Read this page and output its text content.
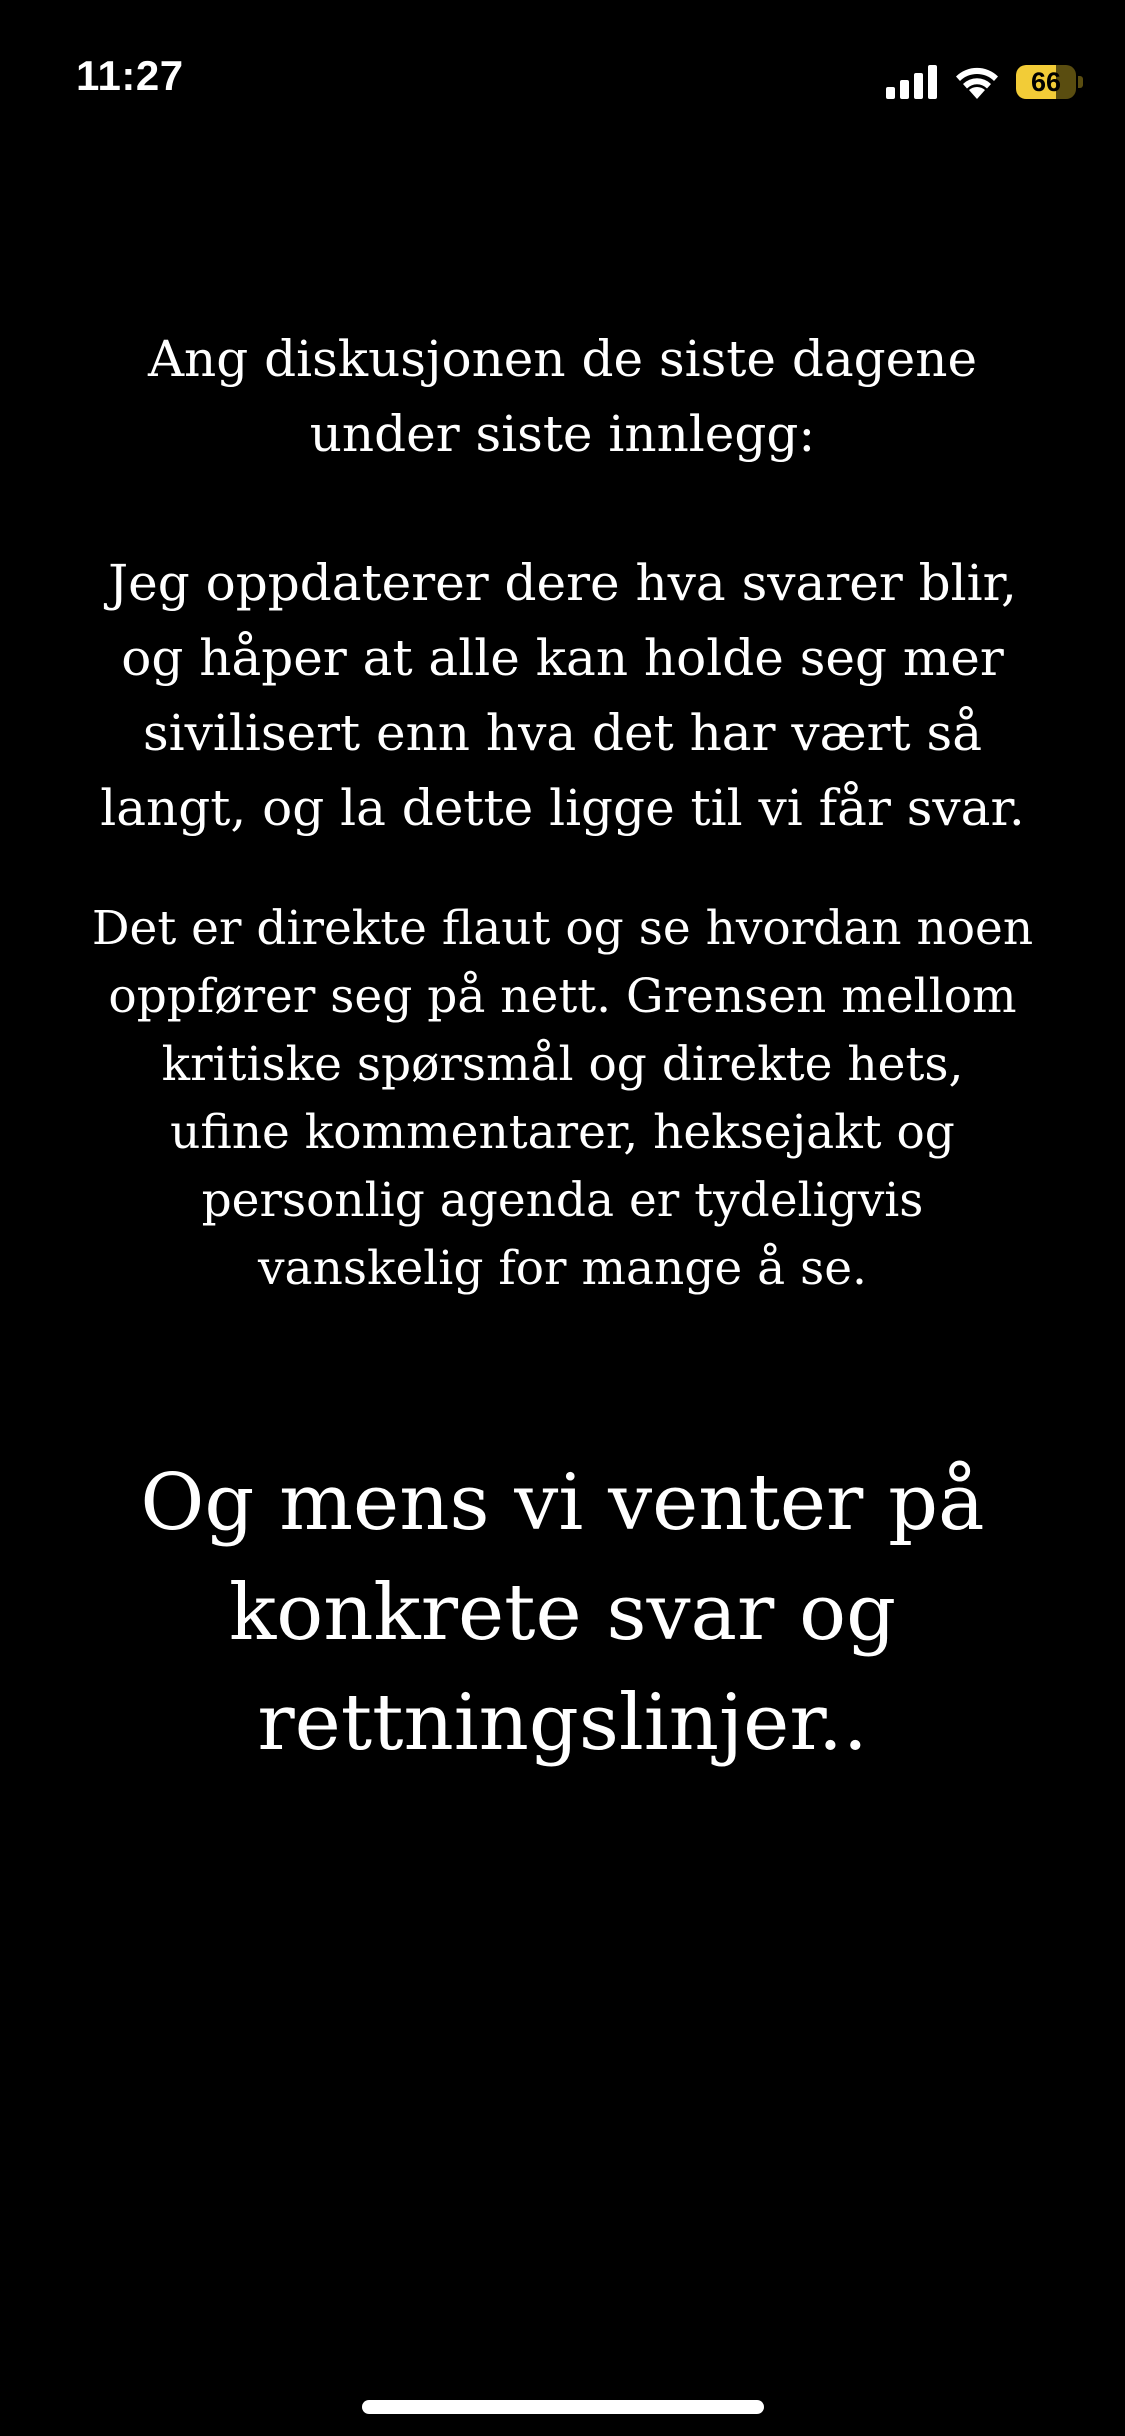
11:27	66
Ang diskusjonen de siste dagene
under siste innlegg:
Jeg oppdaterer dere hva svarer blir,
og håper at alle kan holde seg mer
sivilisert enn hva det har vært så
langt, og la dette ligge til vi får svar.
Det er direkte flaut og se hvordan noen
oppfører seg på nett. Grensen mellom
kritiske spørsmål og direkte hets,
ufine kommentarer, heksejakt og
personlig agenda er tydeligvis
vanskelig for mange å se.
Og mens vi venter på
konkrete svar og
rettningslinjer..
